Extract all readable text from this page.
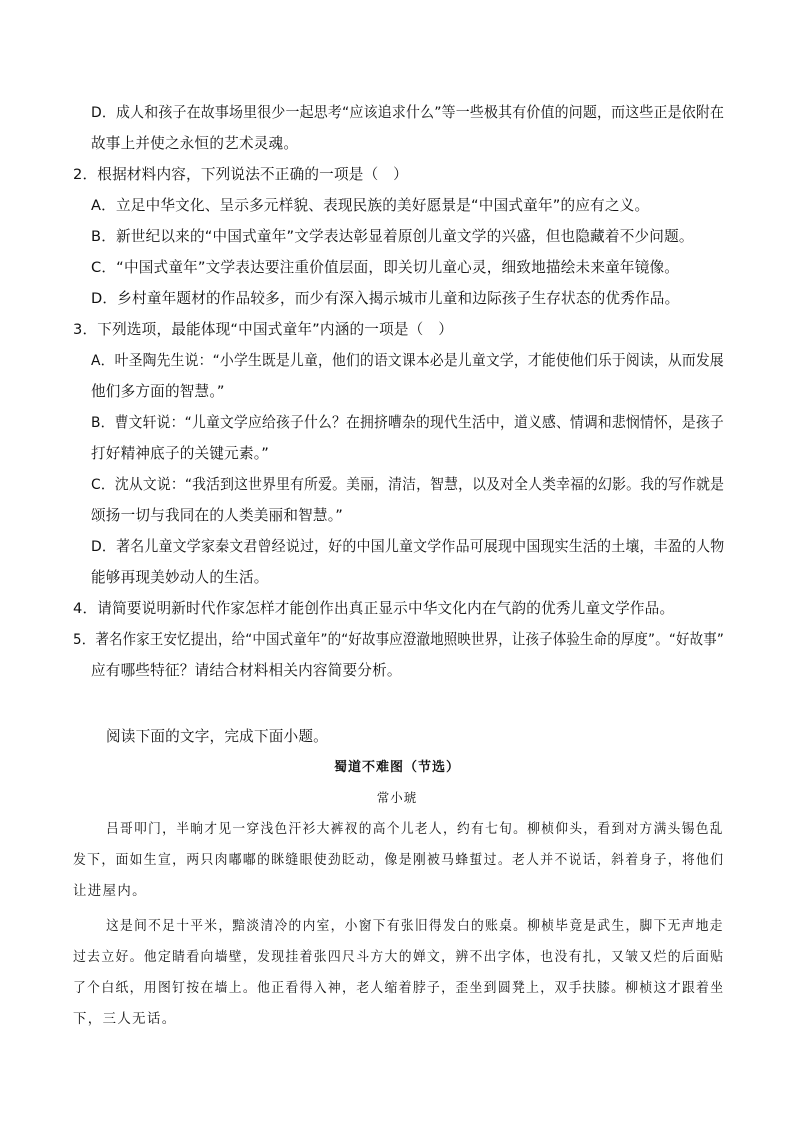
D．成人和孩子在故事场里很少一起思考“应该追求什么”等一些极其有价值的问题，而这些正是依附在
故事上并使之永恒的艺术灵魂。
2．根据材料内容，下列说法不正确的一项是（　）
A．立足中华文化、呈示多元样貌、表现民族的美好愿景是“中国式童年”的应有之义。
B．新世纪以来的“中国式童年”文学表达彰显着原创儿童文学的兴盛，但也隐藏着不少问题。
C．“中国式童年”文学表达要注重价值层面，即关切儿童心灵，细致地描绘未来童年镜像。
D．乡村童年题材的作品较多，而少有深入揭示城市儿童和边际孩子生存状态的优秀作品。
3．下列选项，最能体现“中国式童年”内涵的一项是（　）
A．叶圣陶先生说：“小学生既是儿童，他们的语文课本必是儿童文学，才能使他们乐于阅读，从而发展
他们多方面的智慧。”
B．曹文轩说：“儿童文学应给孩子什么？在拥挤嘈杂的现代生活中，道义感、情调和悲悯情怀，是孩子
打好精神底子的关键元素。”
C．沈从文说：“我活到这世界里有所爱。美丽，清洁，智慧，以及对全人类幸福的幻影。我的写作就是
颂扬一切与我同在的人类美丽和智慧。”
D．著名儿童文学家秦文君曾经说过，好的中国儿童文学作品可展现中国现实生活的土壤，丰盈的人物
能够再现美妙动人的生活。
4．请简要说明新时代作家怎样才能创作出真正显示中华文化内在气韵的优秀儿童文学作品。
5．著名作家王安忆提出，给“中国式童年”的“好故事应澄澈地照映世界，让孩子体验生命的厚度”。“好故事”
应有哪些特征？请结合材料相关内容简要分析。
阅读下面的文字，完成下面小题。
蜀道不难图（节选）
常小琥
吕哥叩门，半晌才见一穿浅色汗衫大裤衩的高个儿老人，约有七旬。柳桢仰头，看到对方满头锡色乱
发下，面如生宣，两只肉嘟嘟的眯缝眼使劲眨动，像是刚被马蜂蜇过。老人并不说话，斜着身子，将他们
让进屋内。
这是间不足十平米，黯淡清冷的内室，小窗下有张旧得发白的账桌。柳桢毕竟是武生，脚下无声地走
过去立好。他定睛看向墙壁，发现挂着张四尺斗方大的婵文，辨不出字体，也没有扎，又皱又烂的后面贴
了个白纸，用图钉按在墙上。他正看得入神，老人缩着脖子，歪坐到圆凳上，双手扶膝。柳桢这才跟着坐
下，三人无话。
